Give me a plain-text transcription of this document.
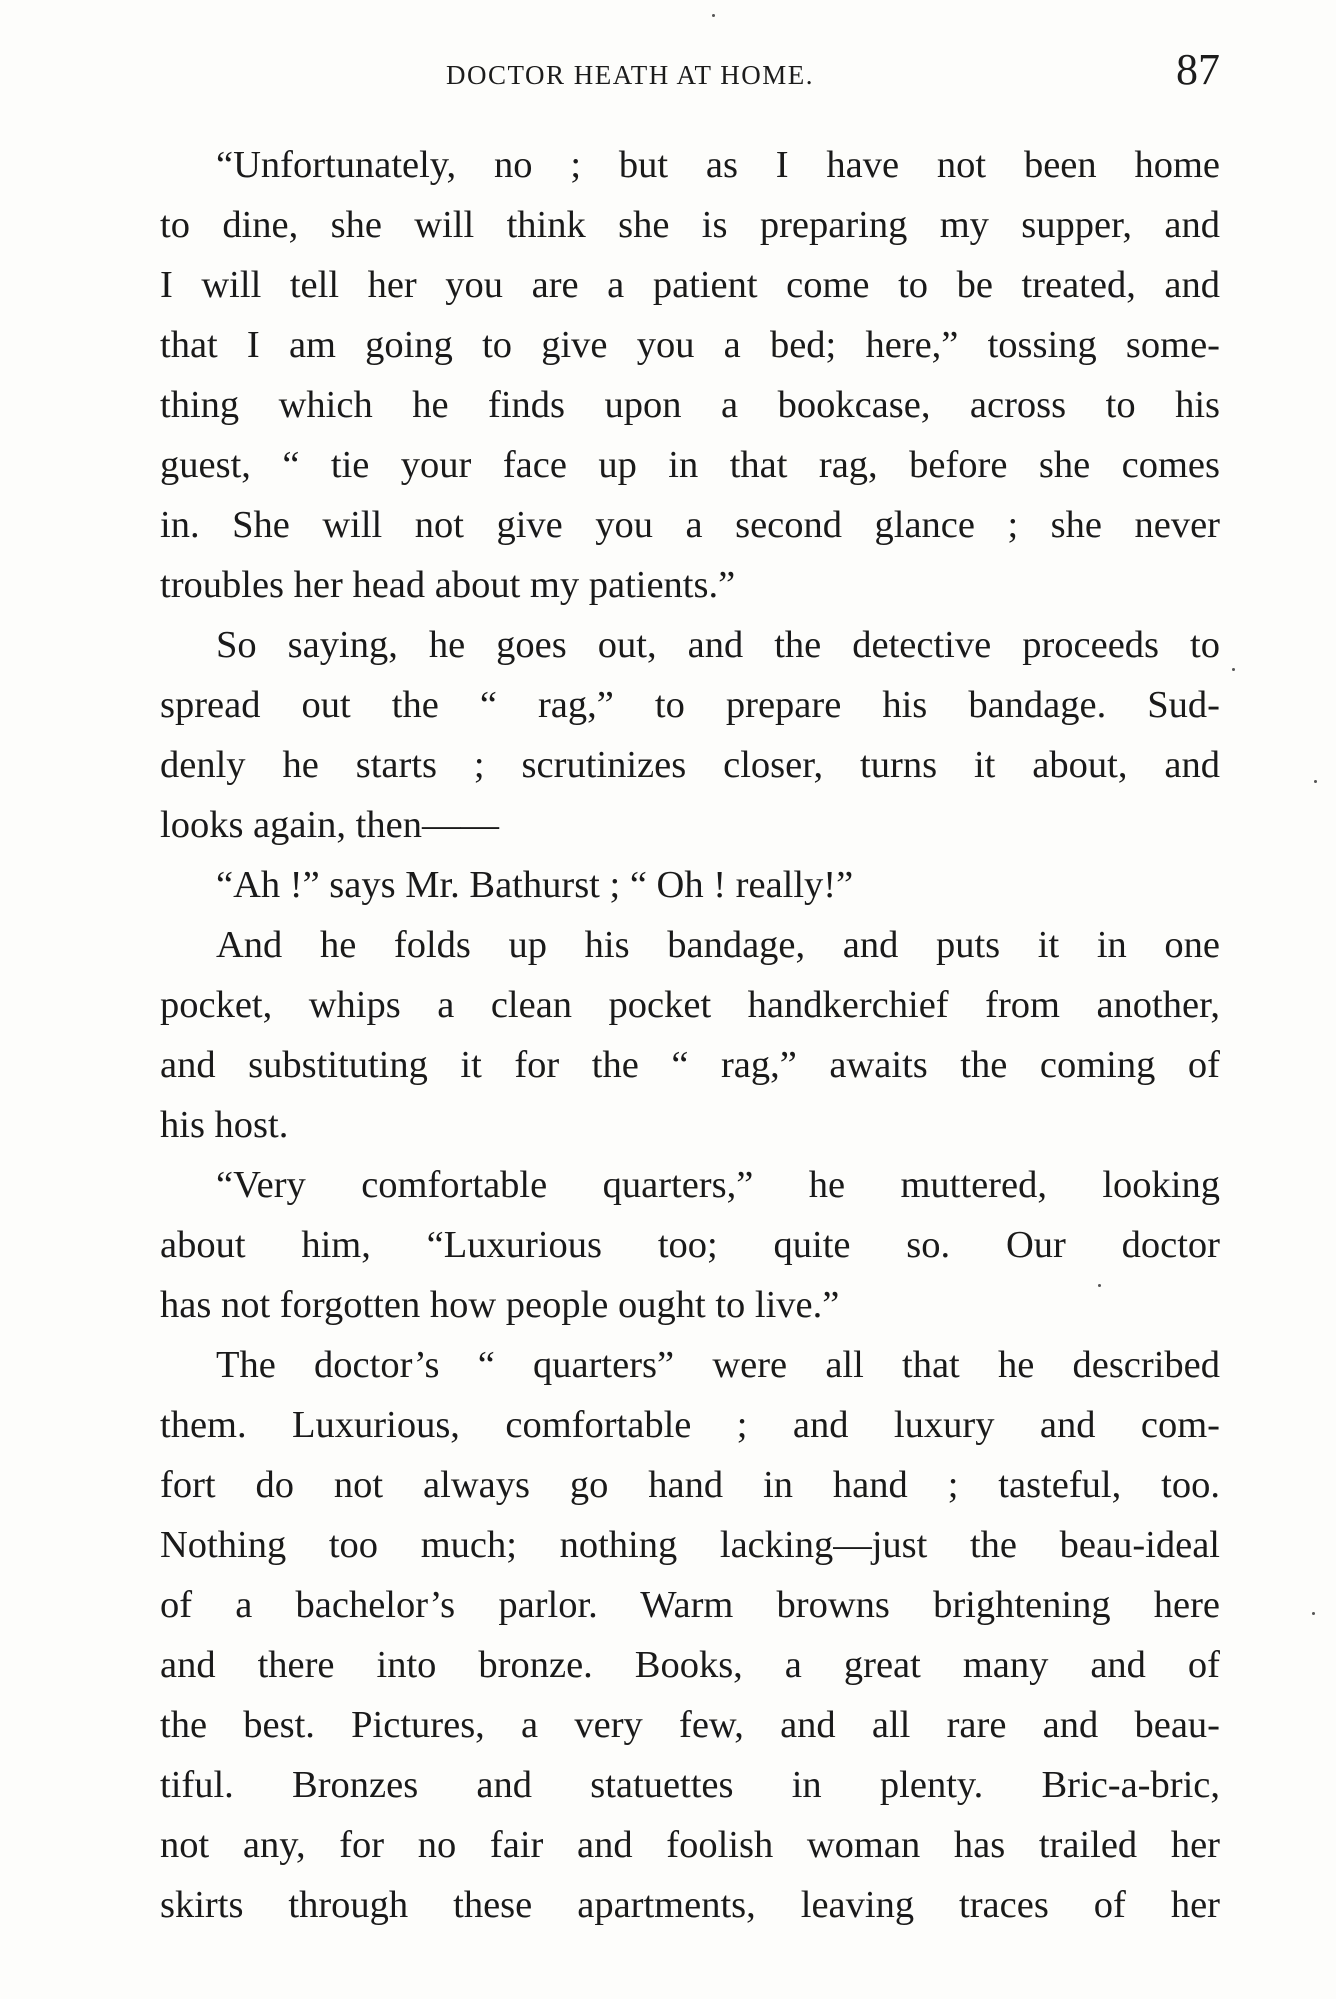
DOCTOR HEATH AT HOME.	87
“Unfortunately, no ; but as I have not been home
to dine, she will think she is preparing my supper, and
I will tell her you are a patient come to be treated, and
that I am going to give you a bed; here,” tossing some-
thing which he finds upon a bookcase, across to his
guest, “ tie your face up in that rag, before she comes
in. She will not give you a second glance ; she never
troubles her head about my patients.”
So saying, he goes out, and the detective proceeds to
spread out the “ rag,” to prepare his bandage. Sud-
denly he starts ; scrutinizes closer, turns it about, and
looks again, then——
“Ah !” says Mr. Bathurst ; “ Oh ! really!”
And he folds up his bandage, and puts it in one
pocket, whips a clean pocket handkerchief from another,
and substituting it for the “ rag,” awaits the coming of
his host.
“Very comfortable quarters,” he muttered, looking
about him, “Luxurious too; quite so. Our doctor
has not forgotten how people ought to live.”
The doctor’s “ quarters” were all that he described
them. Luxurious, comfortable ; and luxury and com-
fort do not always go hand in hand ; tasteful, too.
Nothing too much; nothing lacking—just the beau-ideal
of a bachelor’s parlor. Warm browns brightening here
and there into bronze. Books, a great many and of
the best. Pictures, a very few, and all rare and beau-
tiful. Bronzes and statuettes in plenty. Bric-a-bric,
not any, for no fair and foolish woman has trailed her
skirts through these apartments, leaving traces of her
